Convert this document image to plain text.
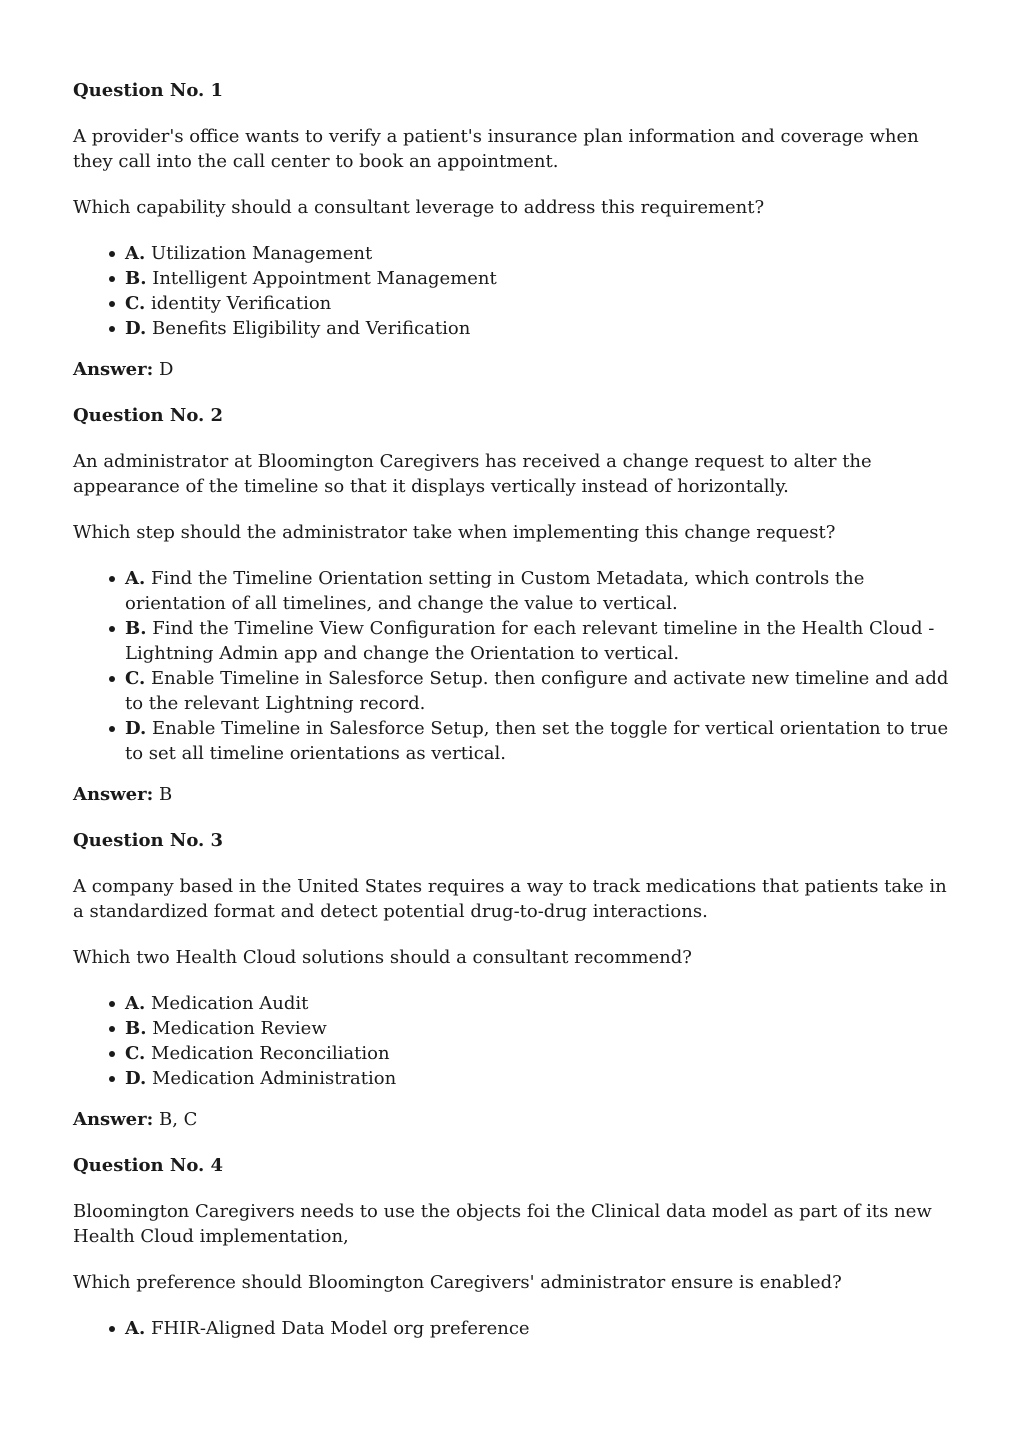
Question No. 1

A provider's office wants to verify a patient's insurance plan information and coverage when they call into the call center to book an appointment.

Which capability should a consultant leverage to address this requirement?

A. Utilization Management
B. Intelligent Appointment Management
C. identity Verification
D. Benefits Eligibility and Verification

Answer: D

Question No. 2

An administrator at Bloomington Caregivers has received a change request to alter the appearance of the timeline so that it displays vertically instead of horizontally.

Which step should the administrator take when implementing this change request?

A. Find the Timeline Orientation setting in Custom Metadata, which controls the orientation of all timelines, and change the value to vertical.
B. Find the Timeline View Configuration for each relevant timeline in the Health Cloud - Lightning Admin app and change the Orientation to vertical.
C. Enable Timeline in Salesforce Setup. then configure and activate new timeline and add to the relevant Lightning record.
D. Enable Timeline in Salesforce Setup, then set the toggle for vertical orientation to true to set all timeline orientations as vertical.

Answer: B

Question No. 3

A company based in the United States requires a way to track medications that patients take in a standardized format and detect potential drug-to-drug interactions.

Which two Health Cloud solutions should a consultant recommend?

A. Medication Audit
B. Medication Review
C. Medication Reconciliation
D. Medication Administration

Answer: B, C

Question No. 4

Bloomington Caregivers needs to use the objects foi the Clinical data model as part of its new Health Cloud implementation,

Which preference should Bloomington Caregivers' administrator ensure is enabled?

A. FHIR-Aligned Data Model org preference
